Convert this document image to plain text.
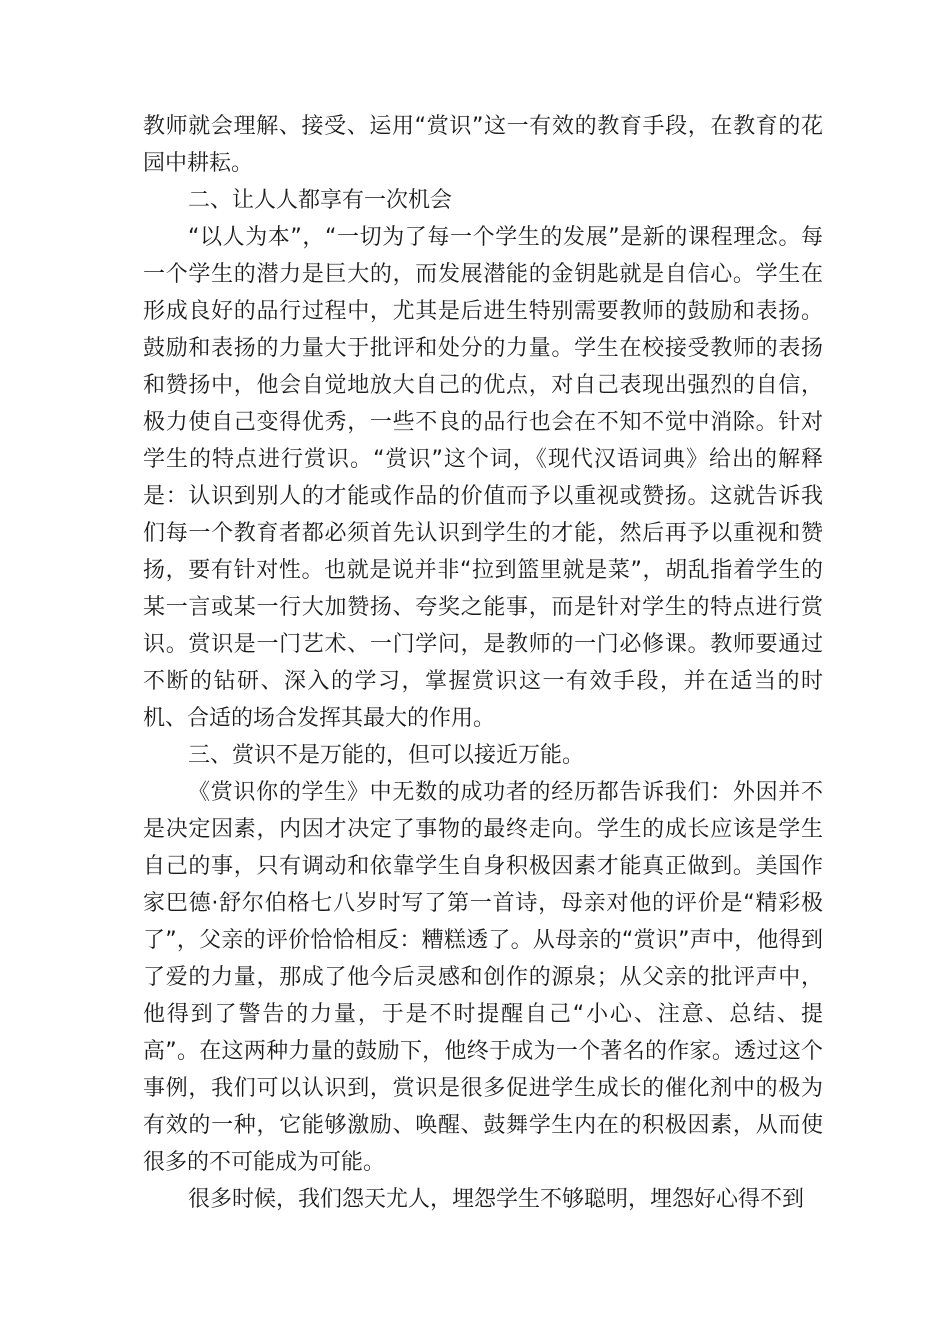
教师就会理解、接受、运用“赏识”这一有效的教育手段，在教育的花园中耕耘。

二、让人人都享有一次机会

“以人为本”，“一切为了每一个学生的发展”是新的课程理念。每一个学生的潜力是巨大的，而发展潜能的金钥匙就是自信心。学生在形成良好的品行过程中，尤其是后进生特别需要教师的鼓励和表扬。鼓励和表扬的力量大于批评和处分的力量。学生在校接受教师的表扬和赞扬中，他会自觉地放大自己的优点，对自己表现出强烈的自信，极力使自己变得优秀，一些不良的品行也会在不知不觉中消除。针对学生的特点进行赏识。“赏识”这个词，《现代汉语词典》给出的解释是：认识到别人的才能或作品的价值而予以重视或赞扬。这就告诉我们每一个教育者都必须首先认识到学生的才能，然后再予以重视和赞扬，要有针对性。也就是说并非“拉到篮里就是菜”，胡乱指着学生的某一言或某一行大加赞扬、夸奖之能事，而是针对学生的特点进行赏识。赏识是一门艺术、一门学问，是教师的一门必修课。教师要通过不断的钻研、深入的学习，掌握赏识这一有效手段，并在适当的时机、合适的场合发挥其最大的作用。

三、赏识不是万能的，但可以接近万能。

《赏识你的学生》中无数的成功者的经历都告诉我们：外因并不是决定因素，内因才决定了事物的最终走向。学生的成长应该是学生自己的事，只有调动和依靠学生自身积极因素才能真正做到。美国作家巴德·舒尔伯格七八岁时写了第一首诗，母亲对他的评价是“精彩极了”，父亲的评价恰恰相反：糟糕透了。从母亲的“赏识”声中，他得到了爱的力量，那成了他今后灵感和创作的源泉；从父亲的批评声中，他得到了警告的力量，于是不时提醒自己“小心、注意、总结、提高”。在这两种力量的鼓励下，他终于成为一个著名的作家。透过这个事例，我们可以认识到，赏识是很多促进学生成长的催化剂中的极为有效的一种，它能够激励、唤醒、鼓舞学生内在的积极因素，从而使很多的不可能成为可能。

很多时候，我们怨天尤人，埋怨学生不够聪明，埋怨好心得不到
